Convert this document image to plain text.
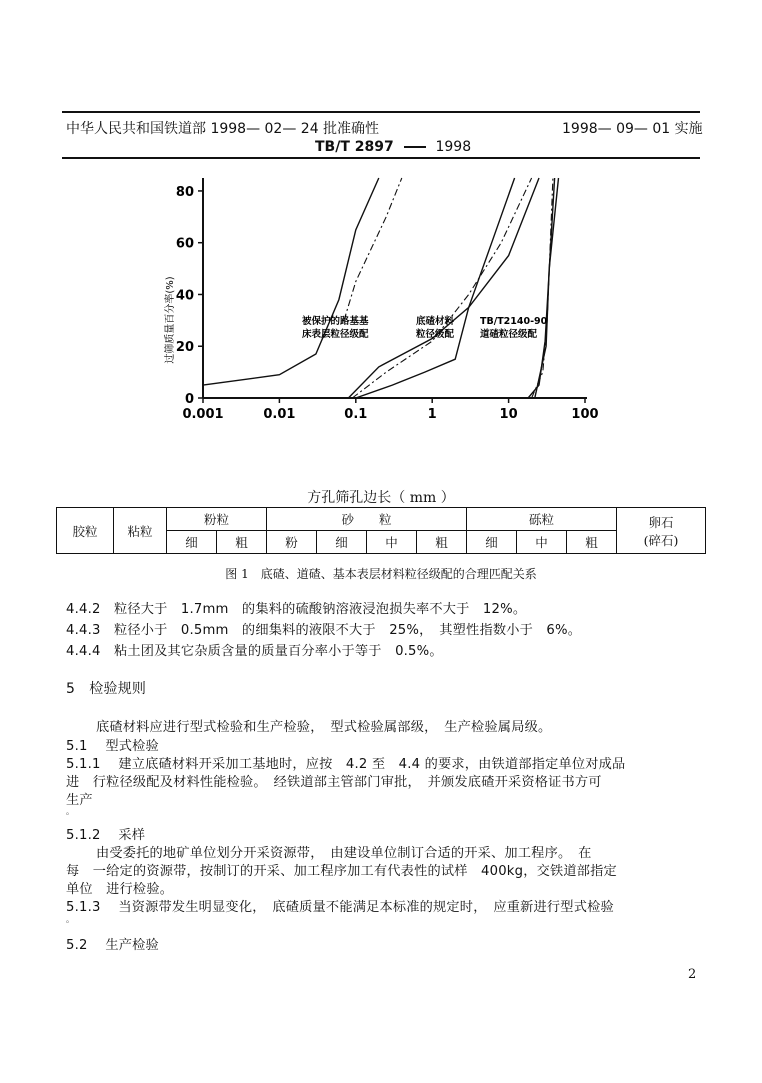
中华人民共和国铁道部 1998— 02— 24 批准确性	1998— 09— 01 实施
TB/T 2897	1998
过筛质量百分率(%)
0
20
40
60
80
0.001	0.01	0.1	1	10	100
被保护的路基基
床表层粒径级配
底碴材料
粒径级配
TB/T2140-90
道碴粒径级配
方孔筛孔边长（ mm ）
胶粒	粘粒	粉粒		砂　　粒				砾粒			卵石
(碎石)

		细	粗	粉	细	中	粗	细	中	粗	
图 1　底碴、道碴、基本表层材料粒径级配的合理匹配关系
4.4.2　粒径大于　1.7mm　的集料的硫酸钠溶液浸泡损失率不大于　12%。
4.4.3　粒径小于　0.5mm　的细集料的液限不大于　25%，　其塑性指数小于　6%。
4.4.4　粘土团及其它杂质含量的质量百分率小于等于　0.5%。
5　检验规则
底碴材料应进行型式检验和生产检验，　型式检验属部级，　生产检验属局级。
5.1　 型式检验
5.1.1　 建立底碴材料开采加工基地时，应按　4.2 至　4.4 的要求，由铁道部指定单位对成品
进　行粒径级配及材料性能检验。　经铁道部主管部门审批，　并颁发底碴开采资格证书方可
生产
。
5.1.2　 采样
由受委托的地矿单位划分开采资源带，　由建设单位制订合适的开采、加工程序。　在
每　一给定的资源带，按制订的开采、加工程序加工有代表性的试样　400kg，交铁道部指定
单位　进行检验。
5.1.3　 当资源带发生明显变化，　底碴质量不能满足本标准的规定时，　应重新进行型式检验
。
5.2　 生产检验
2
